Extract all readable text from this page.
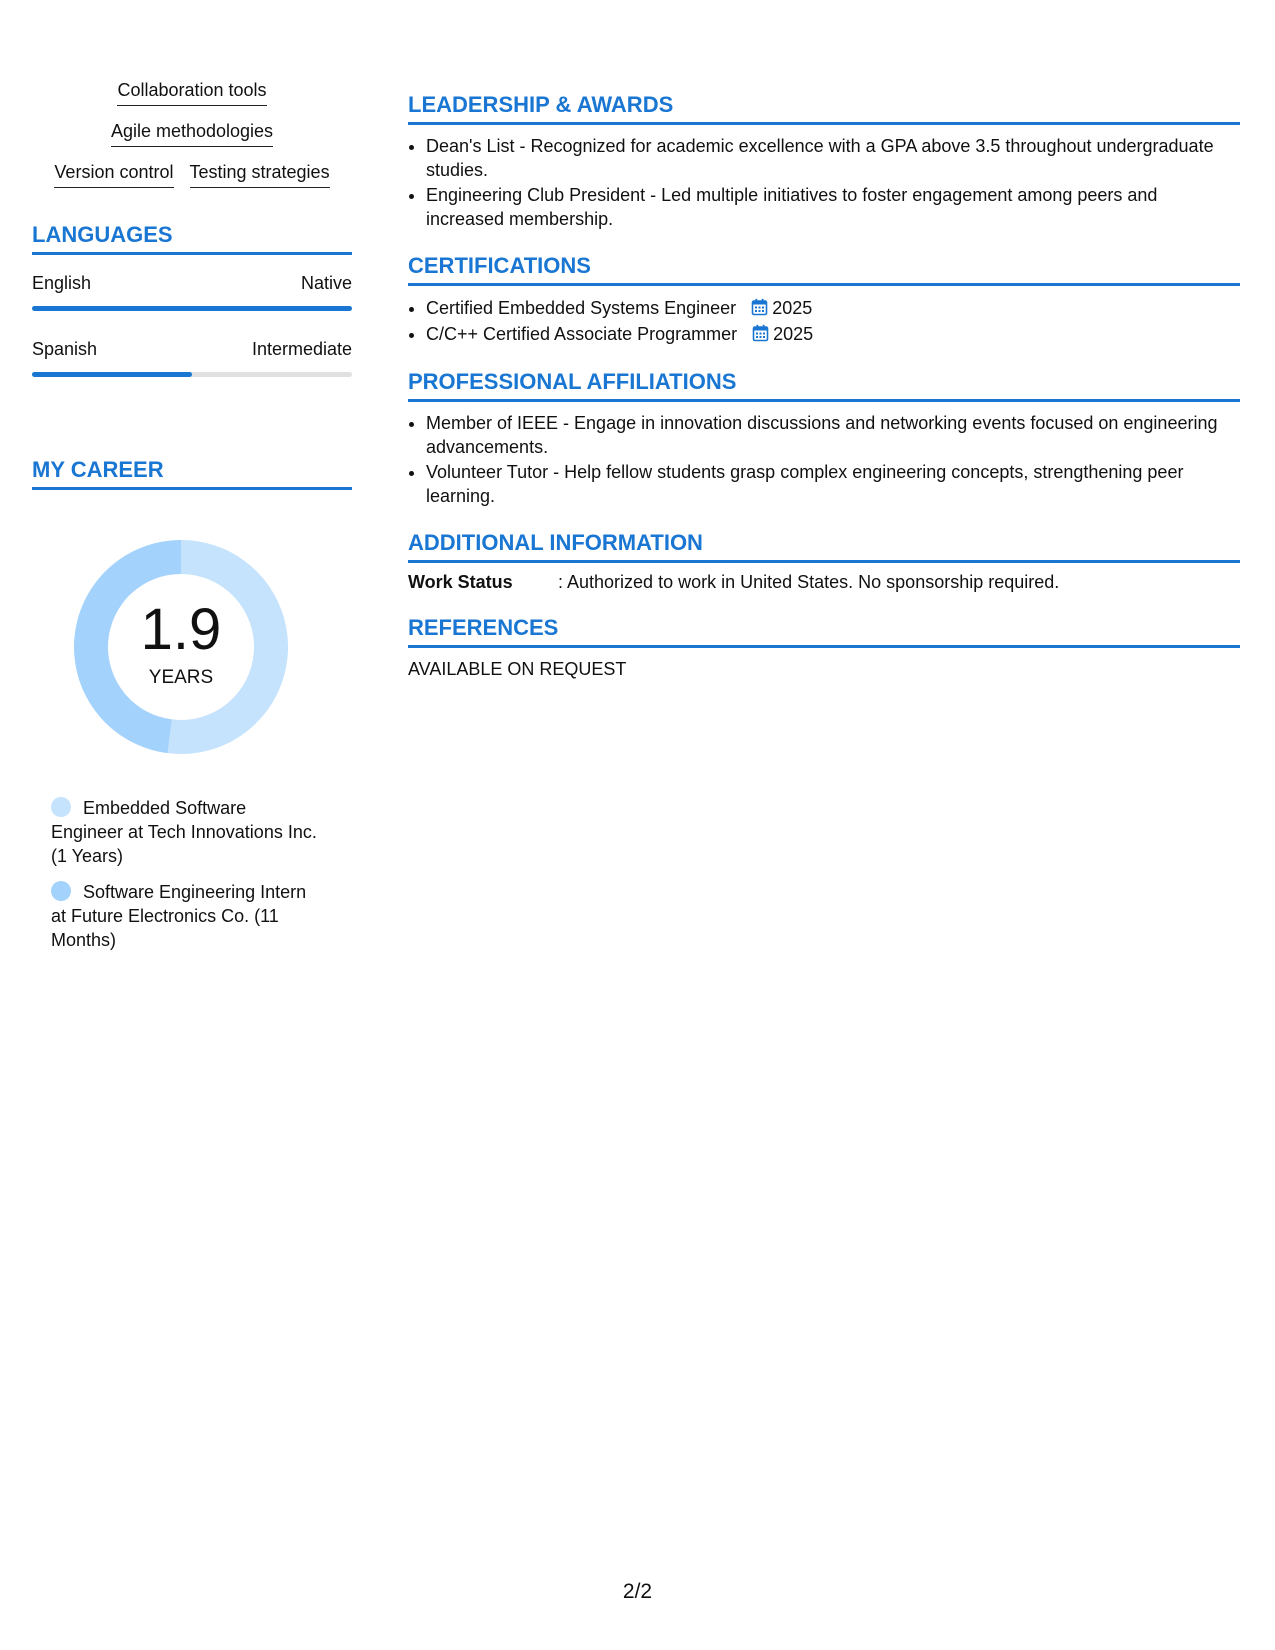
Collaboration tools
Agile methodologies
Version control Testing strategies
LANGUAGES
English	Native
Spanish	Intermediate
MY CAREER
1.9
YEARS
Embedded Software Engineer at Tech Innovations Inc. (1 Years)
Software Engineering Intern at Future Electronics Co. (11 Months)
LEADERSHIP & AWARDS
• Dean's List - Recognized for academic excellence with a GPA above 3.5 throughout undergraduate studies.
• Engineering Club President - Led multiple initiatives to foster engagement among peers and increased membership.
CERTIFICATIONS
• Certified Embedded Systems Engineer 2025
• C/C++ Certified Associate Programmer 2025
PROFESSIONAL AFFILIATIONS
• Member of IEEE - Engage in innovation discussions and networking events focused on engineering advancements.
• Volunteer Tutor - Help fellow students grasp complex engineering concepts, strengthening peer learning.
ADDITIONAL INFORMATION
Work Status	: Authorized to work in United States. No sponsorship required.
REFERENCES
AVAILABLE ON REQUEST
2/2
